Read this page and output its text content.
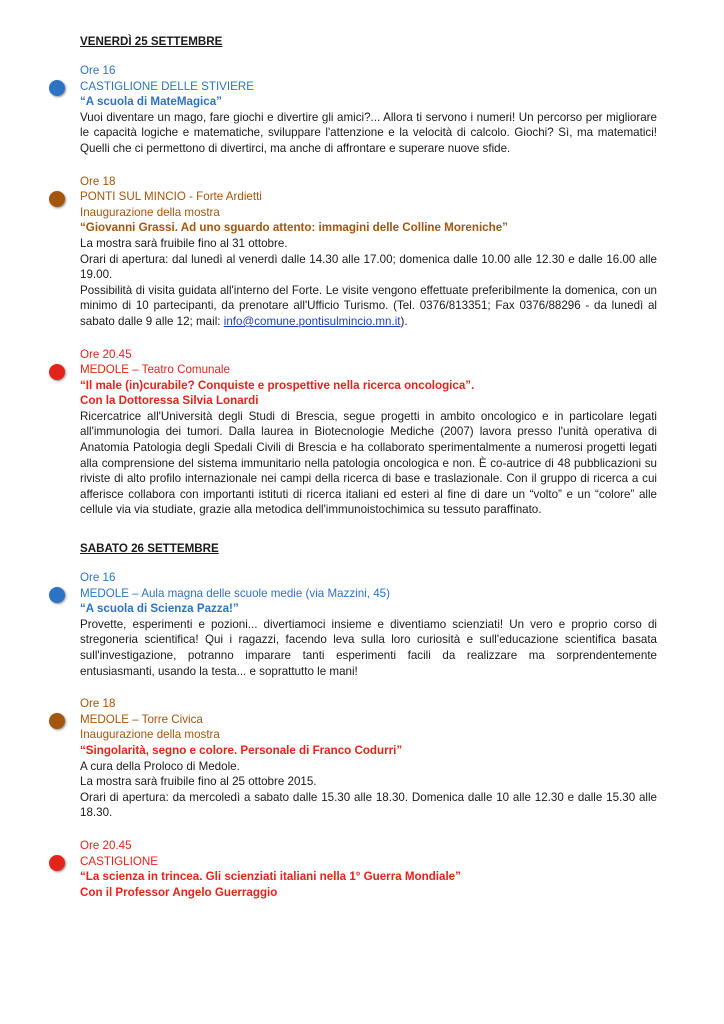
VENERDÌ 25 SETTEMBRE
Ore 16
CASTIGLIONE DELLE STIVIERE
“A scuola di MateMagica”
Vuoi diventare un mago, fare giochi e divertire gli amici?... Allora ti servono i numeri! Un percorso per migliorare le capacità logiche e matematiche, sviluppare l'attenzione e la velocità di calcolo. Giochi? Sì, ma matematici! Quelli che ci permettono di divertirci, ma anche di affrontare e superare nuove sfide.
Ore 18
PONTI SUL MINCIO - Forte Ardietti
Inaugurazione della mostra
“Giovanni Grassi. Ad uno sguardo attento: immagini delle Colline Moreniche”
La mostra sarà fruibile fino al 31 ottobre.
Orari di apertura: dal lunedì al venerdì dalle 14.30 alle 17.00; domenica dalle 10.00 alle 12.30 e dalle 16.00 alle 19.00.
Possibilità di visita guidata all'interno del Forte. Le visite vengono effettuate preferibilmente la domenica, con un minimo di 10 partecipanti, da prenotare all'Ufficio Turismo. (Tel. 0376/813351; Fax 0376/88296 - da lunedì al sabato dalle 9 alle 12; mail: info@comune.pontisulmincio.mn.it).
Ore 20.45
MEDOLE – Teatro Comunale
“Il male (in)curabile? Conquiste e prospettive nella ricerca oncologica”.
Con la Dottoressa Silvia Lonardi
Ricercatrice all'Università degli Studi di Brescia, segue progetti in ambito oncologico e in particolare legati all'immunologia dei tumori. Dalla laurea in Biotecnologie Mediche (2007) lavora presso l'unità operativa di Anatomia Patologia degli Spedali Civili di Brescia e ha collaborato sperimentalmente a numerosi progetti legati alla comprensione del sistema immunitario nella patologia oncologica e non. È co-autrice di 48 pubblicazioni su riviste di alto profilo internazionale nei campi della ricerca di base e traslazionale. Con il gruppo di ricerca a cui afferisce collabora con importanti istituti di ricerca italiani ed esteri al fine di dare un “volto” e un “colore” alle cellule via via studiate, grazie alla metodica dell'immunoistochimica su tessuto paraffinato.
SABATO 26 SETTEMBRE
Ore 16
MEDOLE – Aula magna delle scuole medie (via Mazzini, 45)
“A scuola di Scienza Pazza!”
Provette, esperimenti e pozioni... divertiamoci insieme e diventiamo scienziati! Un vero e proprio corso di stregoneria scientifica! Qui i ragazzi, facendo leva sulla loro curiosità e sull'educazione scientifica basata sull'investigazione, potranno imparare tanti esperimenti facili da realizzare ma sorprendentemente entusiasmanti, usando la testa... e soprattutto le mani!
Ore 18
MEDOLE – Torre Civica
Inaugurazione della mostra
“Singolarità, segno e colore. Personale di Franco Codurri”
A cura della Proloco di Medole.
La mostra sarà fruibile fino al 25 ottobre 2015.
Orari di apertura: da mercoledì a sabato dalle 15.30 alle 18.30. Domenica dalle 10 alle 12.30 e dalle 15.30 alle 18.30.
Ore 20.45
CASTIGLIONE
“La scienza in trincea. Gli scienziati italiani nella 1° Guerra Mondiale”
Con il Professor Angelo Guerraggio
